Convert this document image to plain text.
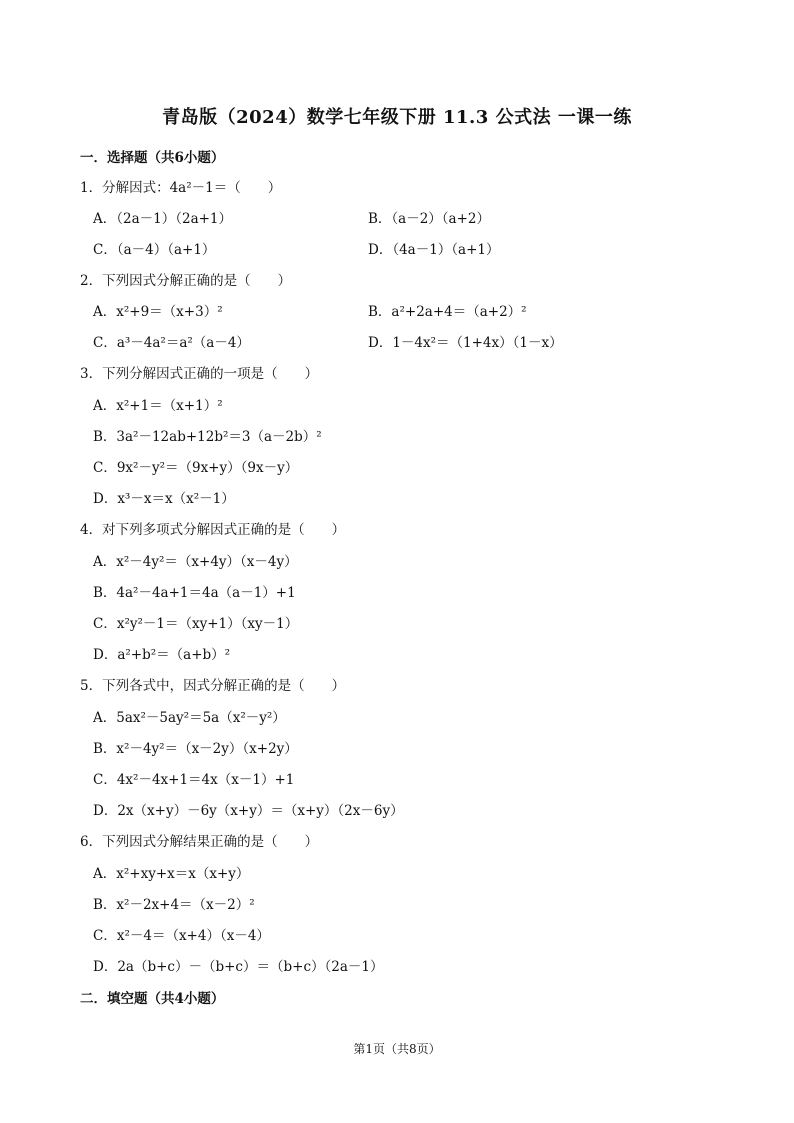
青岛版（2024）数学七年级下册 11.3 公式法 一课一练
一．选择题（共6小题）
1．分解因式：4a²－1＝（　　）
A．（2a－1）（2a+1）	B．（a－2）（a+2）
C．（a－4）（a+1）	D．（4a－1）（a+1）
2．下列因式分解正确的是（　　）
A．x²+9＝（x+3）²	B．a²+2a+4＝（a+2）²
C．a³－4a²＝a²（a－4）	D．1－4x²＝（1+4x）（1－x）
3．下列分解因式正确的一项是（　　）
A．x²+1＝（x+1）²
B．3a²－12ab+12b²＝3（a－2b）²
C．9x²－y²＝（9x+y）（9x－y）
D．x³－x＝x（x²－1）
4．对下列多项式分解因式正确的是（　　）
A．x²－4y²＝（x+4y）（x－4y）
B．4a²－4a+1＝4a（a－1）+1
C．x²y²－1＝（xy+1）（xy－1）
D．a²+b²＝（a+b）²
5．下列各式中，因式分解正确的是（　　）
A．5ax²－5ay²＝5a（x²－y²）
B．x²－4y²＝（x－2y）（x+2y）
C．4x²－4x+1＝4x（x－1）+1
D．2x（x+y）－6y（x+y）＝（x+y）（2x－6y）
6．下列因式分解结果正确的是（　　）
A．x²+xy+x＝x（x+y）
B．x²－2x+4＝（x－2）²
C．x²－4＝（x+4）（x－4）
D．2a（b+c）－（b+c）＝（b+c）（2a－1）
二．填空题（共4小题）
第1页（共8页）
